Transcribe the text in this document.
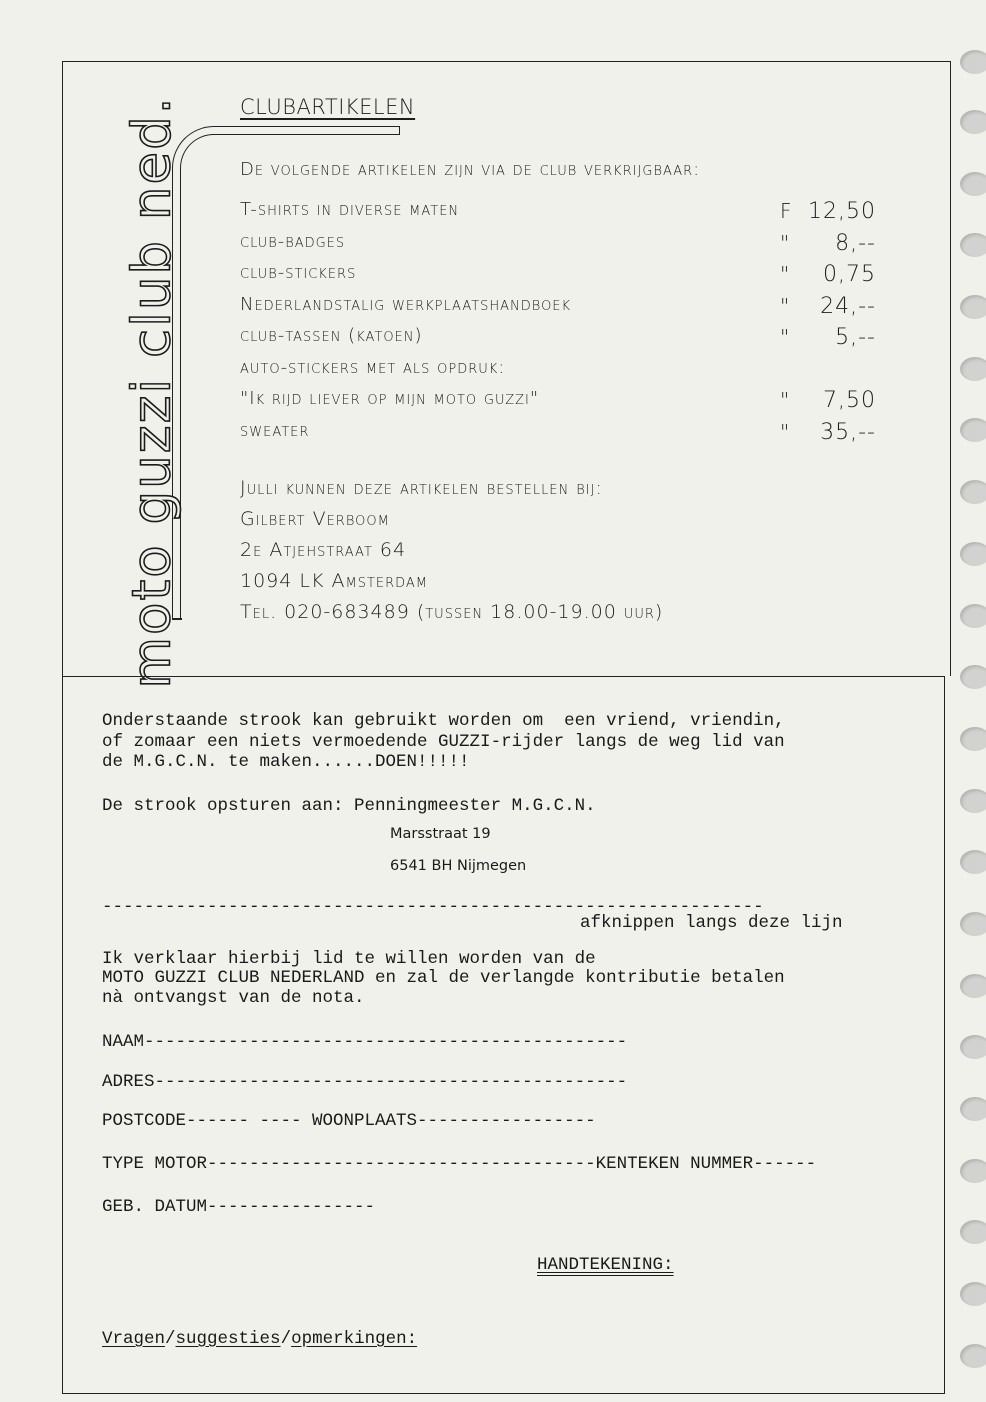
moto guzzi club ned.	CLUBARTIKELEN
De volgende artikelen zijn via de club verkrijgbaar:
T-shirts in diverse maten	F 12,50
club-badges	" 8,--
club-stickers	" 0,75
Nederlandstalig werkplaatshandboek	" 24,--
club-tassen (katoen)	" 5,--
auto-stickers met als opdruk:
"Ik rijd liever op mijn moto guzzi"	" 7,50
sweater	" 35,--
Julli kunnen deze artikelen bestellen bij:
Gilbert Verboom
2e Atjehstraat 64
1094 LK Amsterdam
Tel. 020-683489 (tussen 18.00-19.00 uur)
Onderstaande strook kan gebruikt worden om  een vriend, vriendin,
of zomaar een niets vermoedende GUZZI-rijder langs de weg lid van
de M.G.C.N. te maken......DOEN!!!!!
De strook opsturen aan: Penningmeester M.G.C.N.
Marsstraat 19
6541 BH Nijmegen
---------------------------------------------------------------
afknippen langs deze lijn
Ik verklaar hierbij lid te willen worden van de
MOTO GUZZI CLUB NEDERLAND en zal de verlangde kontributie betalen
nà ontvangst van de nota.
NAAM----------------------------------------------
ADRES---------------------------------------------
POSTCODE------ ---- WOONPLAATS-----------------
TYPE MOTOR-------------------------------------KENTEKEN NUMMER------
GEB. DATUM----------------
HANDTEKENING:
Vragen/suggesties/opmerkingen:
